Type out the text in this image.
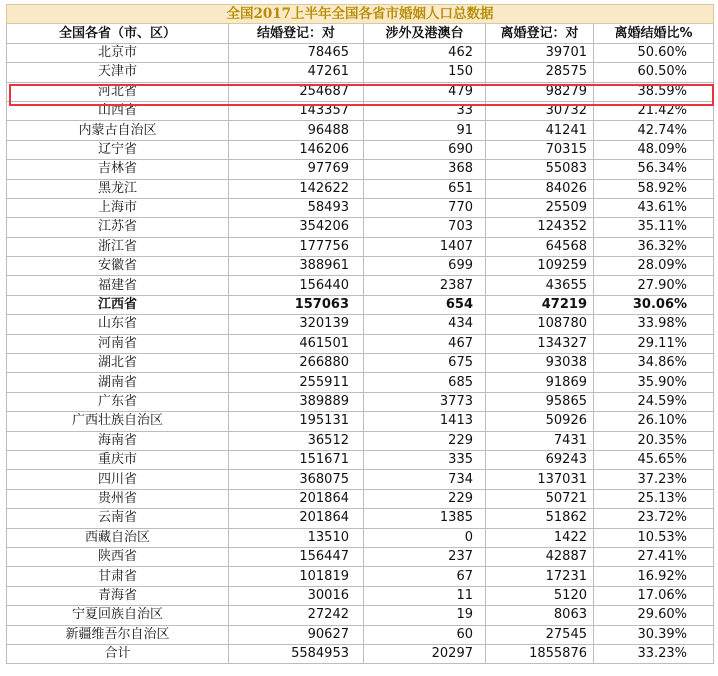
全国2017上半年全国各省市婚姻人口总数据				
全国各省（市、区）	结婚登记：对	涉外及港澳台	离婚登记：对	离婚结婚比%
北京市	78465	462	39701	50.60%
天津市	47261	150	28575	60.50%
河北省	254687	479	98279	38.59%
山西省	143357	33	30732	21.42%
内蒙古自治区	96488	91	41241	42.74%
辽宁省	146206	690	70315	48.09%
吉林省	97769	368	55083	56.34%
黑龙江	142622	651	84026	58.92%
上海市	58493	770	25509	43.61%
江苏省	354206	703	124352	35.11%
浙江省	177756	1407	64568	36.32%
安徽省	388961	699	109259	28.09%
福建省	156440	2387	43655	27.90%
江西省	157063	654	47219	30.06%
山东省	320139	434	108780	33.98%
河南省	461501	467	134327	29.11%
湖北省	266880	675	93038	34.86%
湖南省	255911	685	91869	35.90%
广东省	389889	3773	95865	24.59%
广西壮族自治区	195131	1413	50926	26.10%
海南省	36512	229	7431	20.35%
重庆市	151671	335	69243	45.65%
四川省	368075	734	137031	37.23%
贵州省	201864	229	50721	25.13%
云南省	201864	1385	51862	23.72%
西藏自治区	13510	0	1422	10.53%
陕西省	156447	237	42887	27.41%
甘肃省	101819	67	17231	16.92%
青海省	30016	11	5120	17.06%
宁夏回族自治区	27242	19	8063	29.60%
新疆维吾尔自治区	90627	60	27545	30.39%
合计	5584953	20297	1855876	33.23%
